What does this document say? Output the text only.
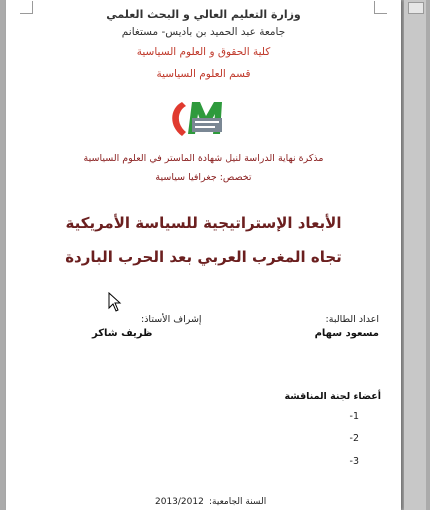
وزارة التعليم العالي و البحث العلمي
جامعة عبد الحميد بن باديس- مستغانم
كلية الحقوق و العلوم السياسية
قسم العلوم السياسية
مذكرة نهاية الدراسة لنيل شهادة الماستر في العلوم السياسية
تخصص: جغرافيا سياسية
الأبعاد الإستراتيجية للسياسة الأمريكية
تجاه المغرب العربي بعد الحرب الباردة
اعداد الطالبة:
مسعود سهام
إشراف الأستاذ:
ظريف شاكر
أعضاء لجنة المناقشة
-1
-2
-3
السنة الجامعية:
2013/2012
